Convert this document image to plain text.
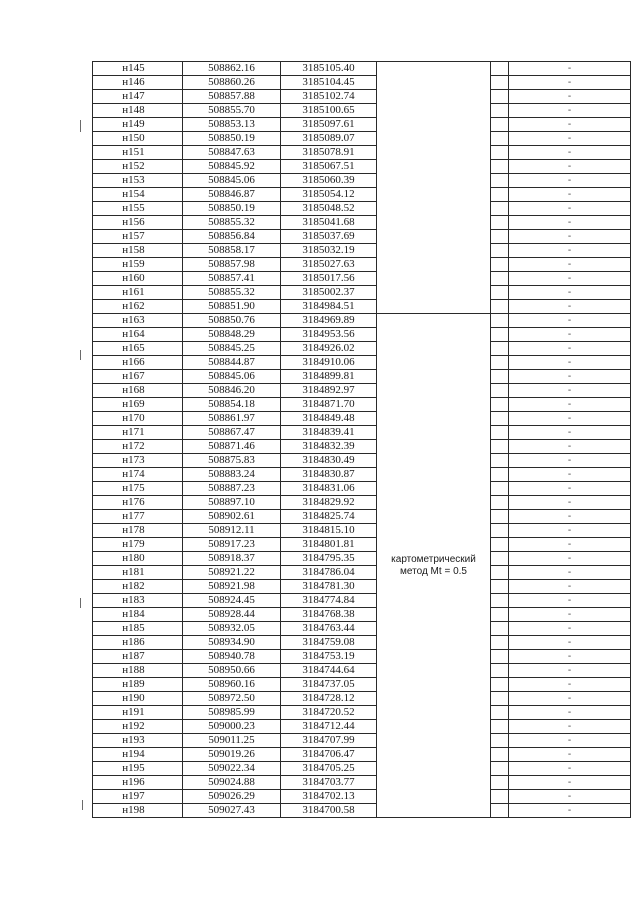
н145	508862.16	3185105.40			-
н146	508860.26	3185104.45			-
н147	508857.88	3185102.74			-
н148	508855.70	3185100.65			-
н149	508853.13	3185097.61			-
н150	508850.19	3185089.07			-
н151	508847.63	3185078.91			-
н152	508845.92	3185067.51			-
н153	508845.06	3185060.39			-
н154	508846.87	3185054.12			-
н155	508850.19	3185048.52			-
н156	508855.32	3185041.68			-
н157	508856.84	3185037.69			-
н158	508858.17	3185032.19			-
н159	508857.98	3185027.63			-
н160	508857.41	3185017.56			-
н161	508855.32	3185002.37			-
н162	508851.90	3184984.51			-
н163	508850.76	3184969.89	картометрический метод Mt = 0.5		-
н164	508848.29	3184953.56			-
н165	508845.25	3184926.02			-
н166	508844.87	3184910.06			-
н167	508845.06	3184899.81			-
н168	508846.20	3184892.97			-
н169	508854.18	3184871.70			-
н170	508861.97	3184849.48			-
н171	508867.47	3184839.41			-
н172	508871.46	3184832.39			-
н173	508875.83	3184830.49			-
н174	508883.24	3184830.87			-
н175	508887.23	3184831.06			-
н176	508897.10	3184829.92			-
н177	508902.61	3184825.74			-
н178	508912.11	3184815.10			-
н179	508917.23	3184801.81			-
н180	508918.37	3184795.35			-
н181	508921.22	3184786.04			-
н182	508921.98	3184781.30			-
н183	508924.45	3184774.84			-
н184	508928.44	3184768.38			-
н185	508932.05	3184763.44			-
н186	508934.90	3184759.08			-
н187	508940.78	3184753.19			-
н188	508950.66	3184744.64			-
н189	508960.16	3184737.05			-
н190	508972.50	3184728.12			-
н191	508985.99	3184720.52			-
н192	509000.23	3184712.44			-
н193	509011.25	3184707.99			-
н194	509019.26	3184706.47			-
н195	509022.34	3184705.25			-
н196	509024.88	3184703.77			-
н197	509026.29	3184702.13			-
н198	509027.43	3184700.58			-
